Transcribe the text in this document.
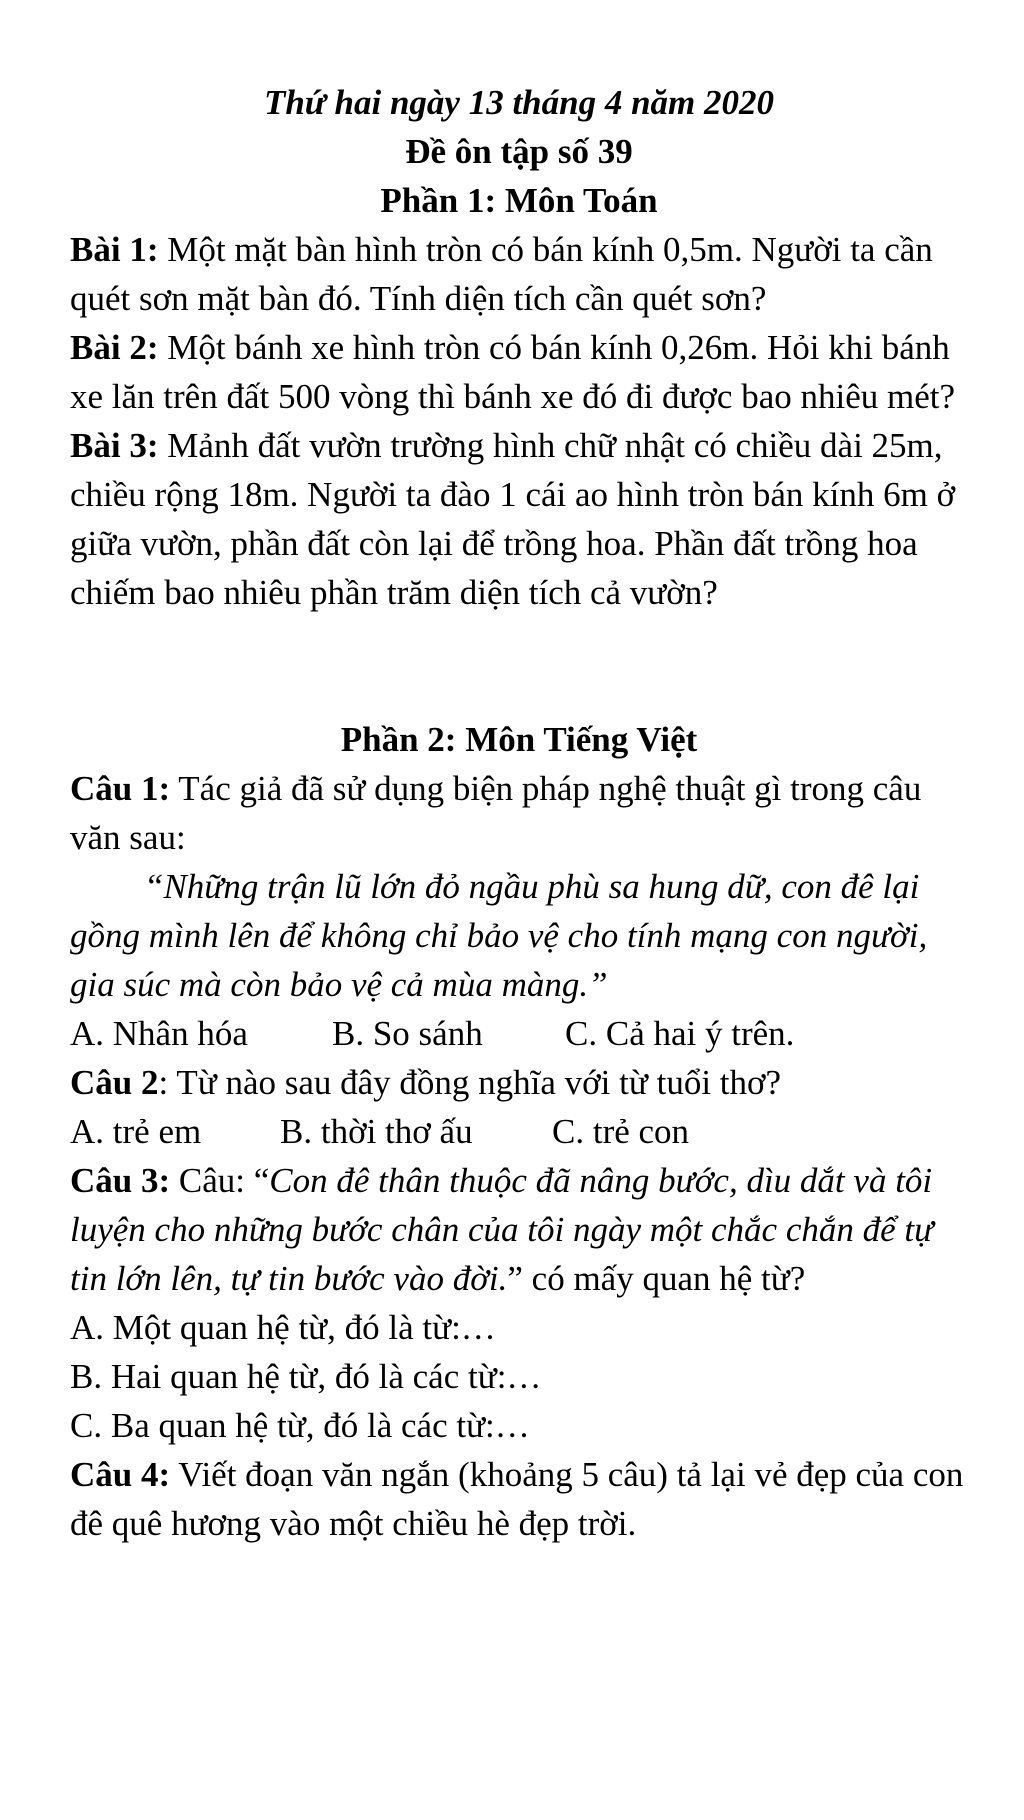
Thứ hai ngày 13 tháng 4 năm 2020

Đề ôn tập số 39

Phần 1: Môn Toán

Bài 1: Một mặt bàn hình tròn có bán kính 0,5m. Người ta cần quét sơn mặt bàn đó. Tính diện tích cần quét sơn?

Bài 2: Một bánh xe hình tròn có bán kính 0,26m. Hỏi khi bánh xe lăn trên đất 500 vòng thì bánh xe đó đi được bao nhiêu mét?

Bài 3: Mảnh đất vườn trường hình chữ nhật có chiều dài 25m, chiều rộng 18m. Người ta đào 1 cái ao hình tròn bán kính 6m ở giữa vườn, phần đất còn lại để trồng hoa. Phần đất trồng hoa chiếm bao nhiêu phần trăm diện tích cả vườn?

Phần 2: Môn Tiếng Việt

Câu 1: Tác giả đã sử dụng biện pháp nghệ thuật gì trong câu văn sau:

“Những trận lũ lớn đỏ ngầu phù sa hung dữ, con đê lại gồng mình lên để không chỉ bảo vệ cho tính mạng con người, gia súc mà còn bảo vệ cả mùa màng.”

A. Nhân hóa B. So sánh C. Cả hai ý trên.

Câu 2: Từ nào sau đây đồng nghĩa với từ tuổi thơ?

A. trẻ em B. thời thơ ấu C. trẻ con

Câu 3: Câu: “Con đê thân thuộc đã nâng bước, dìu dắt và tôi luyện cho những bước chân của tôi ngày một chắc chắn để tự tin lớn lên, tự tin bước vào đời.” có mấy quan hệ từ?

A. Một quan hệ từ, đó là từ:…

B. Hai quan hệ từ, đó là các từ:…

C. Ba quan hệ từ, đó là các từ:…

Câu 4: Viết đoạn văn ngắn (khoảng 5 câu) tả lại vẻ đẹp của con đê quê hương vào một chiều hè đẹp trời.
